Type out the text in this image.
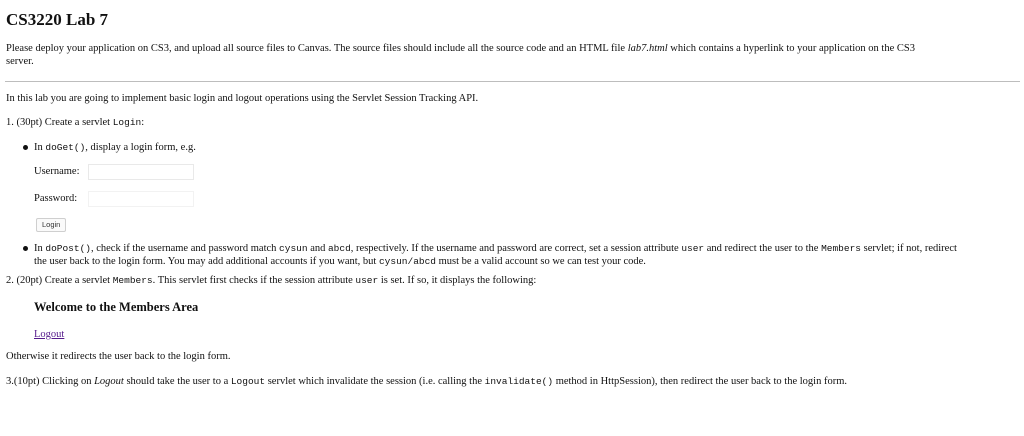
CS3220 Lab 7

Please deploy your application on CS3, and upload all source files to Canvas. The source files should include all the source code and an HTML file lab7.html which contains a hyperlink to your application on the CS3
server.

In this lab you are going to implement basic login and logout operations using the Servlet Session Tracking API.

1. (30pt) Create a servlet Login:

In doGet(), display a login form, e.g.
Username:
Password:
Login
In doPost(), check if the username and password match cysun and abcd, respectively. If the username and password are correct, set a session attribute user and redirect the user to the Members servlet; if not, redirect
the user back to the login form. You may add additional accounts if you want, but cysun/abcd must be a valid account so we can test your code.

2. (20pt) Create a servlet Members. This servlet first checks if the session attribute user is set. If so, it displays the following:

Welcome to the Members Area
Logout

Otherwise it redirects the user back to the login form.

3.(10pt) Clicking on Logout should take the user to a Logout servlet which invalidate the session (i.e. calling the invalidate() method in HttpSession), then redirect the user back to the login form.
